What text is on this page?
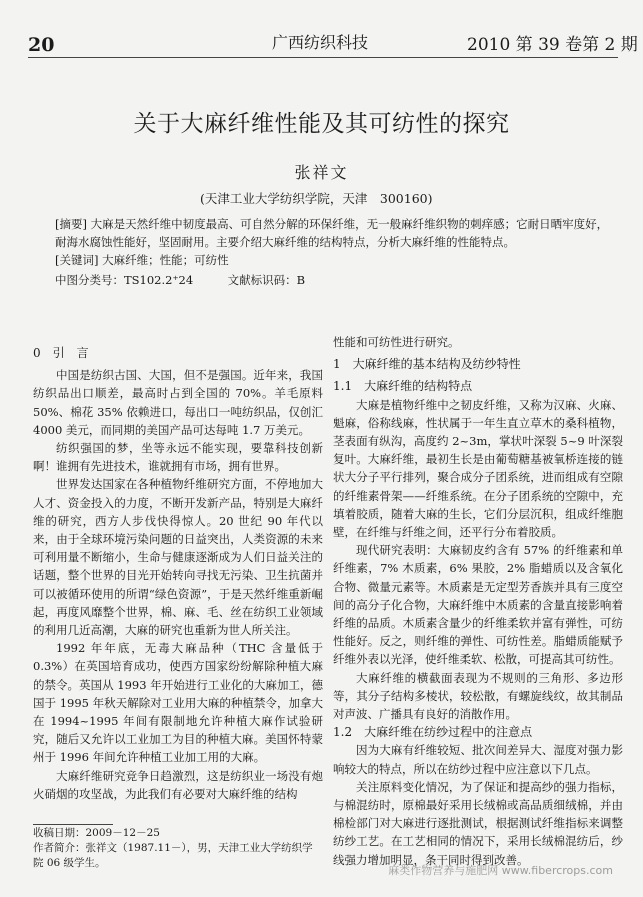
20	广西纺织科技	2010 第 39 卷第 2 期
关于大麻纤维性能及其可纺性的探究
张祥文
(天津工业大学纺织学院，天津　300160)
[摘要] 大麻是天然纤维中韧度最高、可自然分解的环保纤维，无一般麻纤维织物的刺痒感；它耐日晒牢度好，耐海水腐蚀性能好，坚固耐用。主要介绍大麻纤维的结构特点，分析大麻纤维的性能特点。
[关键词] 大麻纤维；性能；可纺性
中图分类号：TS102.2⁺24　　　文献标识码：B
0　引　言

中国是纺织古国、大国，但不是强国。近年来，我国纺织品出口顺差，最高时占到全国的 70%。羊毛原料 50%、棉花 35% 依赖进口，每出口一吨纺织品，仅创汇 4000 美元，而同期的美国产品可达每吨 1.7 万美元。

纺织强国的梦，坐等永远不能实现，要靠科技创新啊！谁拥有先进技术，谁就拥有市场，拥有世界。

世界发达国家在各种植物纤维研究方面，不停地加大人才、资金投入的力度，不断开发新产品，特别是大麻纤维的研究，西方人步伐快得惊人。20 世纪 90 年代以来，由于全球环境污染问题的日益突出，人类资源的未来可利用量不断缩小，生命与健康逐渐成为人们日益关注的话题，整个世界的目光开始转向寻找无污染、卫生抗菌并可以被循环使用的所谓“绿色资源”，于是天然纤维重新崛起，再度风靡整个世界，棉、麻、毛、丝在纺织工业领域的利用几近高潮，大麻的研究也重新为世人所关注。

1992 年年底，无毒大麻品种（THC 含量低于 0.3%）在英国培育成功，使西方国家纷纷解除种植大麻的禁令。英国从 1993 年开始进行工业化的大麻加工，德国于 1995 年秋天解除对工业用大麻的种植禁令，加拿大在 1994~1995 年间有限制地允许种植大麻作试验研究，随后又允许以工业加工为目的种植大麻。美国怀特蒙州于 1996 年间允许种植工业加工用的大麻。

大麻纤维研究竞争日趋激烈，这是纺织业一场没有炮火硝烟的攻坚战，为此我们有必要对大麻纤维的结构

性能和可纺性进行研究。

1　大麻纤维的基本结构及纺纱特性
1.1　大麻纤维的结构特点

大麻是植物纤维中之韧皮纤维，又称为汉麻、火麻、魁麻，俗称线麻，性状属于一年生直立草木的桑科植物，茎表面有纵沟，高度约 2~3m，掌状叶深裂 5~9 叶深裂复叶。大麻纤维，最初生长是由葡萄糖基被氧桥连接的链状大分子平行排列，聚合成分子团系统，进而组成有空隙的纤维素骨架——纤维系统。在分子团系统的空隙中，充填着胶质，随着大麻的生长，它们分层沉积，组成纤维胞壁，在纤维与纤维之间，还平行分布着胶质。

现代研究表明：大麻韧皮约含有 57% 的纤维素和单纤维素，7% 木质素，6% 果胶，2% 脂蜡质以及含氧化合物、微量元素等。木质素是无定型芳香族并具有三度空间的高分子化合物，大麻纤维中木质素的含量直接影响着纤维的品质。木质素含量少的纤维柔软并富有弹性，可纺性能好。反之，则纤维的弹性、可纺性差。脂蜡质能赋予纤维外表以光泽，使纤维柔软、松散，可提高其可纺性。

大麻纤维的横截面表现为不规则的三角形、多边形等，其分子结构多棱状，较松散，有螺旋线纹，故其制品对声波、广播具有良好的消散作用。

1.2　大麻纤维在纺纱过程中的注意点

因为大麻有纤维较短、批次间差异大、湿度对强力影响较大的特点，所以在纺纱过程中应注意以下几点。

关注原料变化情况，为了保证和提高纱的强力指标，与棉混纺时，原棉最好采用长绒棉或高品质细绒棉，并由棉检部门对大麻进行逐批测试，根据测试纤维指标来调整纺纱工艺。在工艺相同的情况下，采用长绒棉混纺后，纱线强力增加明显，条干同时得到改善。

收稿日期：2009－12－25
作者简介：张祥文（1987.11－），男，天津工业大学纺织学院 06 级学生。
麻类作物营养与施肥网 www.fibercrops.com
